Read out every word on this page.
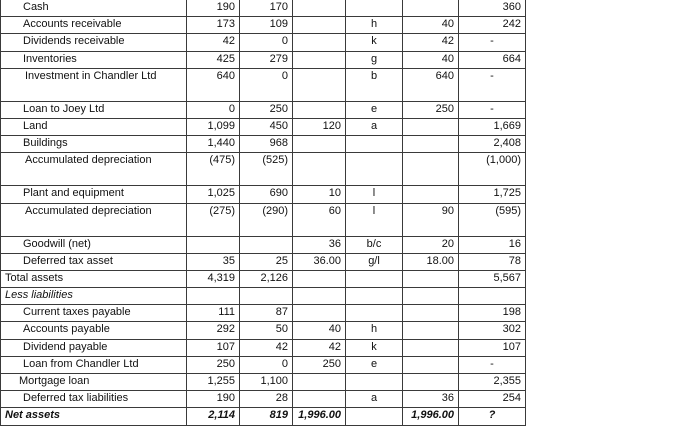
Cash	190	170				360

Accounts receivable	173	109		h	40	242

Dividends receivable	42	0		k	42	-

Inventories	425	279		g	40	664

Investment in Chandler Ltd	640	0		b	640	-

Loan to Joey Ltd	0	250		e	250	-

Land	1,099	450	120	a		1,669

Buildings	1,440	968				2,408

Accumulated depreciation	(475)	(525)				(1,000)

Plant and equipment	1,025	690	10	l		1,725

Accumulated depreciation	(275)	(290)	60	l	90	(595)

Goodwill (net)			36	b/c	20	16

Deferred tax asset	35	25	36.00	g/l	18.00	78

Total assets	4,319	2,126				5,567

Less liabilities						

Current taxes payable	111	87				198

Accounts payable	292	50	40	h		302

Dividend payable	107	42	42	k		107

Loan from Chandler Ltd	250	0	250	e		-

Mortgage loan	1,255	1,100				2,355

Deferred tax liabilities	190	28		a	36	254

Net assets	2,114	819	1,996.00		1,996.00	?
